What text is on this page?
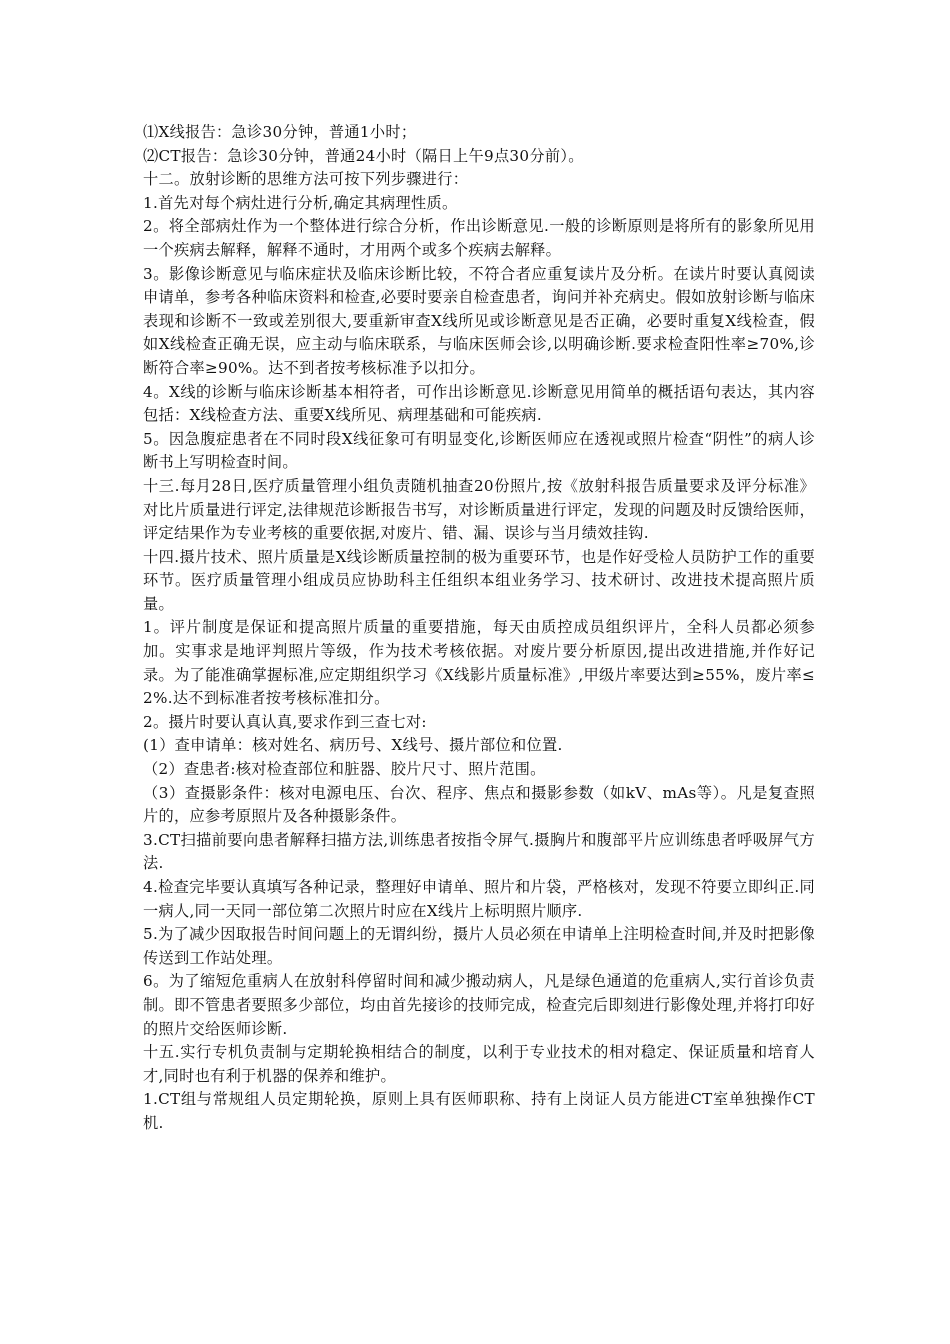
⑴X线报告：急诊30分钟，普通1小时；

⑵CT报告：急诊30分钟，普通24小时（隔日上午9点30分前）。

十二。放射诊断的思维方法可按下列步骤进行：

1.首先对每个病灶进行分析,确定其病理性质。

2。将全部病灶作为一个整体进行综合分析，作出诊断意见.一般的诊断原则是将所有的影象所见用一个疾病去解释，解释不通时，才用两个或多个疾病去解释。

3。影像诊断意见与临床症状及临床诊断比较，不符合者应重复读片及分析。在读片时要认真阅读申请单，参考各种临床资料和检查,必要时要亲自检查患者，询问并补充病史。假如放射诊断与临床表现和诊断不一致或差别很大,要重新审查X线所见或诊断意见是否正确，必要时重复X线检查，假如X线检查正确无误，应主动与临床联系，与临床医师会诊,以明确诊断.要求检查阳性率≥70%,诊断符合率≥90%。达不到者按考核标准予以扣分。

4。X线的诊断与临床诊断基本相符者，可作出诊断意见.诊断意见用简单的概括语句表达，其内容包括：X线检查方法、重要X线所见、病理基础和可能疾病.

5。因急腹症患者在不同时段X线征象可有明显变化,诊断医师应在透视或照片检查“阴性”的病人诊断书上写明检查时间。

十三.每月28日,医疗质量管理小组负责随机抽查20份照片,按《放射科报告质量要求及评分标准》对比片质量进行评定,法律规范诊断报告书写，对诊断质量进行评定，发现的问题及时反馈给医师，评定结果作为专业考核的重要依据,对废片、错、漏、误诊与当月绩效挂钩.

十四.摄片技术、照片质量是X线诊断质量控制的极为重要环节，也是作好受检人员防护工作的重要环节。医疗质量管理小组成员应协助科主任组织本组业务学习、技术研讨、改进技术提高照片质量。

1。评片制度是保证和提高照片质量的重要措施，每天由质控成员组织评片，全科人员都必须参加。实事求是地评判照片等级，作为技术考核依据。对废片要分析原因,提出改进措施,并作好记录。为了能准确掌握标准,应定期组织学习《X线影片质量标准》,甲级片率要达到≥55%，废片率≤2%.达不到标准者按考核标准扣分。

2。摄片时要认真认真,要求作到三查七对:

(1）查申请单：核对姓名、病历号、X线号、摄片部位和位置.

（2）查患者:核对检查部位和脏器、胶片尺寸、照片范围。

（3）查摄影条件：核对电源电压、台次、程序、焦点和摄影参数（如kV、mAs等）。凡是复查照片的，应参考原照片及各种摄影条件。

3.CT扫描前要向患者解释扫描方法,训练患者按指令屏气.摄胸片和腹部平片应训练患者呼吸屏气方法.

4.检查完毕要认真填写各种记录，整理好申请单、照片和片袋，严格核对，发现不符要立即纠正.同一病人,同一天同一部位第二次照片时应在X线片上标明照片顺序.

5.为了减少因取报告时间问题上的无谓纠纷，摄片人员必须在申请单上注明检查时间,并及时把影像传送到工作站处理。

6。为了缩短危重病人在放射科停留时间和减少搬动病人，凡是绿色通道的危重病人,实行首诊负责制。即不管患者要照多少部位，均由首先接诊的技师完成，检查完后即刻进行影像处理,并将打印好的照片交给医师诊断.

十五.实行专机负责制与定期轮换相结合的制度，以利于专业技术的相对稳定、保证质量和培育人才,同时也有利于机器的保养和维护。

1.CT组与常规组人员定期轮换，原则上具有医师职称、持有上岗证人员方能进CT室单独操作CT机.
